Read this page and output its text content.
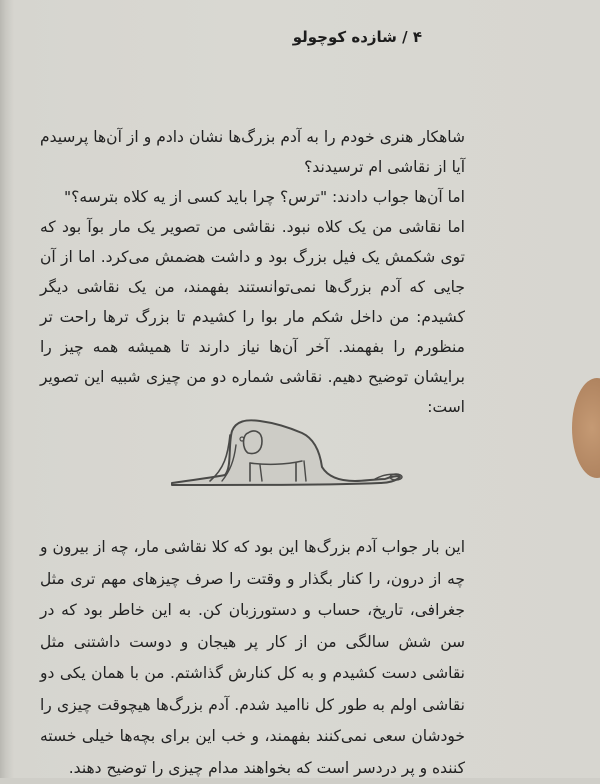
۴ / شازده کوچولو

شاهکار هنری خودم را به آدم بزرگ‌ها نشان دادم و از آن‌ها پرسیدم آیا از نقاشی ام ترسیدند؟

اما آن‌ها جواب دادند: "ترس؟ چرا باید کسی از یه کلاه بترسه؟"

اما نقاشی من یک کلاه نبود. نقاشی من تصویر یک مار بوآ بود که توی شکمش یک فیل بزرگ بود و داشت هضمش می‌کرد. اما از آن جایی که آدم بزرگ‌ها نمی‌توانستند بفهمند، من یک نقاشی دیگر کشیدم: من داخل شکم مار بوا را کشیدم تا بزرگ ترها راحت تر منظورم را بفهمند. آخر آن‌ها نیاز دارند تا همیشه همه چیز را برایشان توضیح دهیم. نقاشی شماره دو من چیزی شبیه این تصویر است:

این بار جواب آدم بزرگ‌ها این بود که کلا نقاشی مار، چه از بیرون و چه از درون، را کنار بگذار و وقتت را صرف چیزهای مهم تری مثل جغرافی، تاریخ، حساب و دستورزبان کن. به این خاطر بود که در سن شش سالگی من از کار پر هیجان و دوست داشتنی مثل نقاشی دست کشیدم و به کل کنارش گذاشتم. من با همان یکی دو نقاشی اولم به طور کل ناامید شدم. آدم بزرگ‌ها هیچوقت چیزی را خودشان سعی نمی‌کنند بفهمند، و خب این برای بچه‌ها خیلی خسته کننده و پر دردسر است که بخواهند مدام چیزی را توضیح دهند.
